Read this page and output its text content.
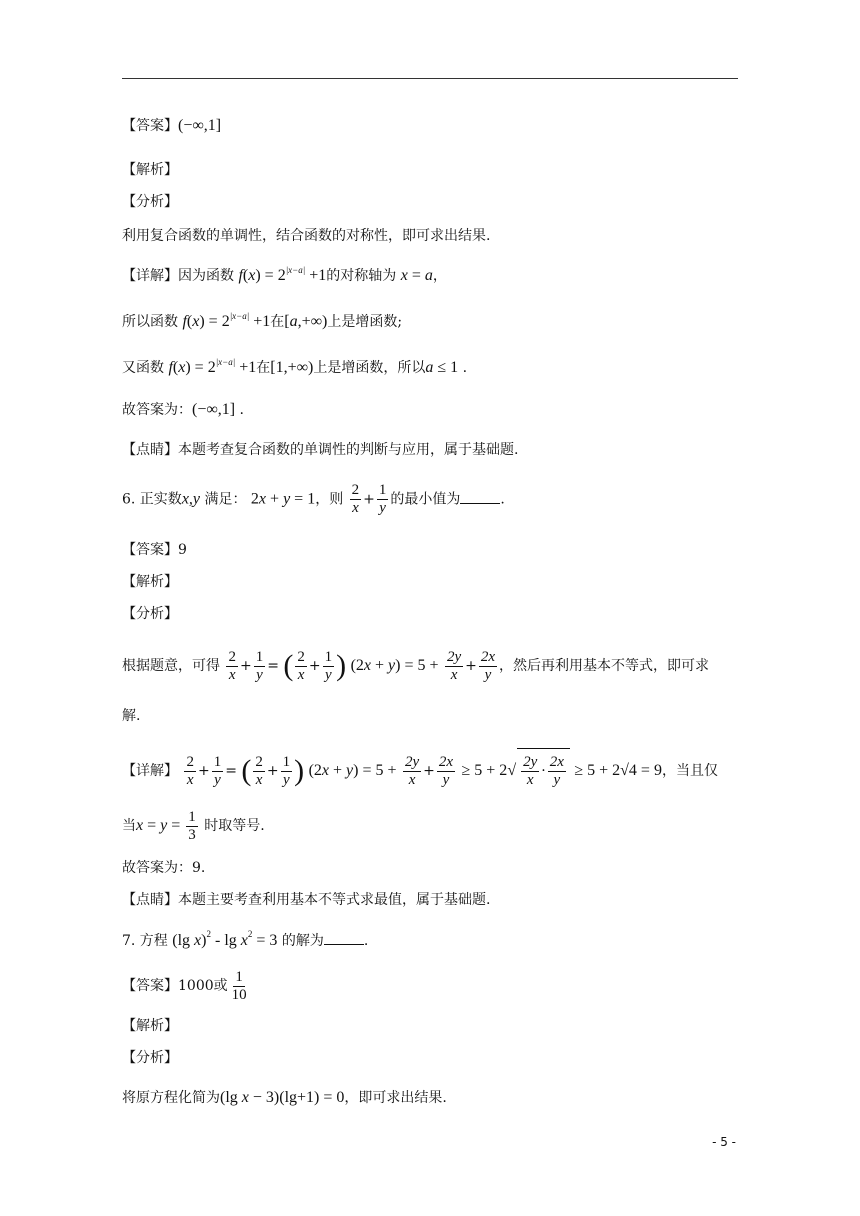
【答案】(−∞,1]
【解析】
【分析】
利用复合函数的单调性，结合函数的对称性，即可求出结果.
【详解】因为函数 $f(x) = 2^{|x-a|} +1$的对称轴为 x = a，
所以函数 $f(x) = 2^{|x-a|} +1$在[a,+∞)上是增函数;
又函数 $f(x) = 2^{|x-a|} +1$在[1,+∞)上是增函数，所以a ≤ 1 .
故答案为：(−∞,1] .
【点睛】本题考查复合函数的单调性的判断与应用，属于基础题.
6. 正实数x,y 满足： 2x + y = 1，则 $\frac{2}{x} + \frac{1}{y}$ 的最小值为	.
【答案】9
【解析】
【分析】
根据题意，可得 $\frac{2}{x} + \frac{1}{y}$ = ( $\frac{2}{x} + \frac{1}{y}$ ) $(2x + y) = 5 + \frac{2y}{x} + \frac{2x}{y}$ ，然后再利用基本不等式，即可求
解.
【详解】 $\frac{2}{x} + \frac{1}{y}$ = ( $\frac{2}{x} + \frac{1}{y}$ ) $(2x + y) = 5 + \frac{2y}{x} + \frac{2x}{y} \ge 5 + 2√ \frac{2y}{x} \cdot \frac{2x}{y} \ge 5 + 2√4 = 9$，当且仅
当$x = y = \frac{1}{3}$ 时取等号.
故答案为：9.
【点睛】本题主要考查利用基本不等式求最值，属于基础题.
7. 方程 (lg $x)^2 - \lg x^2 = 3$ 的解为	.
【答案】1000或 $\frac{1}{10}$
【解析】
【分析】
将原方程化简为(lg x − 3)(lg+1) = 0，即可求出结果.
- 5 -
